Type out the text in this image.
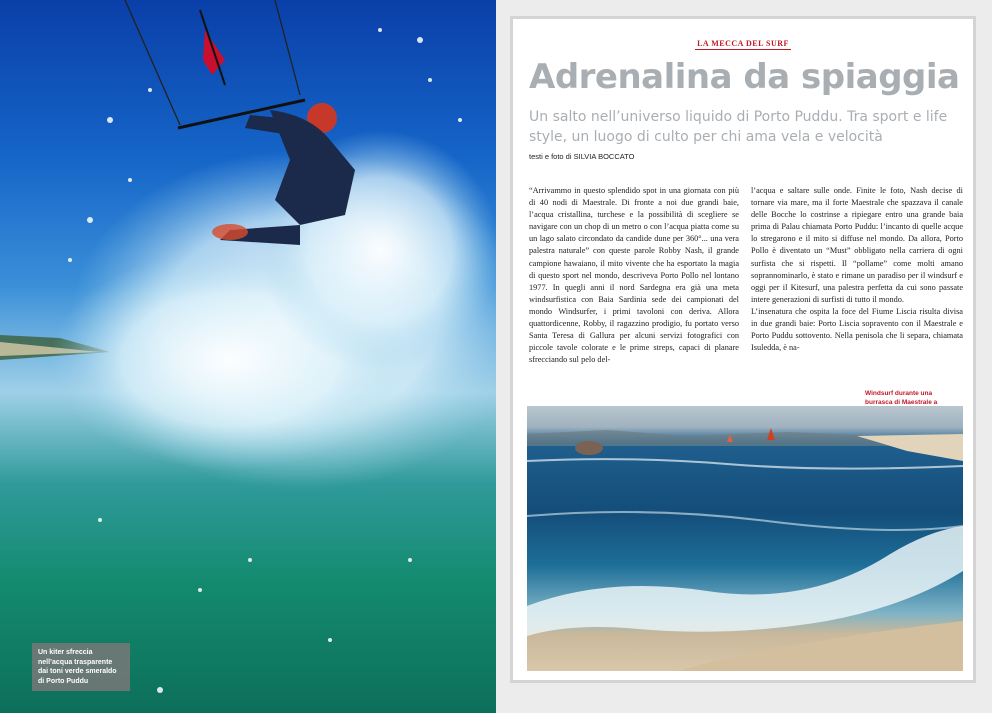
Un kiter sfreccia nell’acqua trasparente dai toni verde smeraldo di Porto Puddu
LA MECCA DEL SURF
Adrenalina da spiaggia
Un salto nell’universo liquido di Porto Puddu. Tra sport e life style, un luogo di culto per chi ama vela e velocità
testi e foto di SILVIA BOCCATO

“Arrivammo in questo splendido spot in una giornata con più di 40 nodi di Maestrale. Di fronte a noi due grandi baie, l’acqua cristallina, turchese e la possibilità di scegliere se navigare con un chop di un metro o con l’acqua piatta come su un lago salato circondato da candide dune per 360°... una vera palestra naturale” con queste parole Robby Nash, il grande campione hawaiano, il mito vivente che ha esportato la magia di questo sport nel mondo, descriveva Porto Pollo nel lontano 1977. In quegli anni il nord Sardegna era già una meta windsurfistica con Baia Sardinia sede dei campionati del mondo Windsurfer, i primi tavoloni con deriva. Allora quattordicenne, Robby, il ragazzino prodigio, fu portato verso Santa Teresa di Gallura per alcuni servizi fotografici con piccole tavole colorate e le prime streps, capaci di planare sfrecciando sul pelo del-

l’acqua e saltare sulle onde. Finite le foto, Nash decise di tornare via mare, ma il forte Maestrale che spazzava il canale delle Bocche lo costrinse a ripiegare entro una grande baia prima di Palau chiamata Porto Puddu: l’incanto di quelle acque lo stregarono e il mito si diffuse nel mondo. Da allora, Porto Pollo è diventato un “Must” obbligato nella carriera di ogni surfista che si rispetti. Il “pollame” come molti amano soprannominarlo, è stato e rimane un paradiso per il windsurf e oggi per il Kitesurf, una palestra perfetta da cui sono passate intere generazioni di surfisti di tutto il mondo.

L’insenatura che ospita la foce del Fiume Liscia risulta divisa in due grandi baie: Porto Liscia sopravento con il Maestrale e Porto Puddu sottovento. Nella penisola che li separa, chiamata Isuledda, è na-

Windsurf durante una burrasca di Maestrale a
